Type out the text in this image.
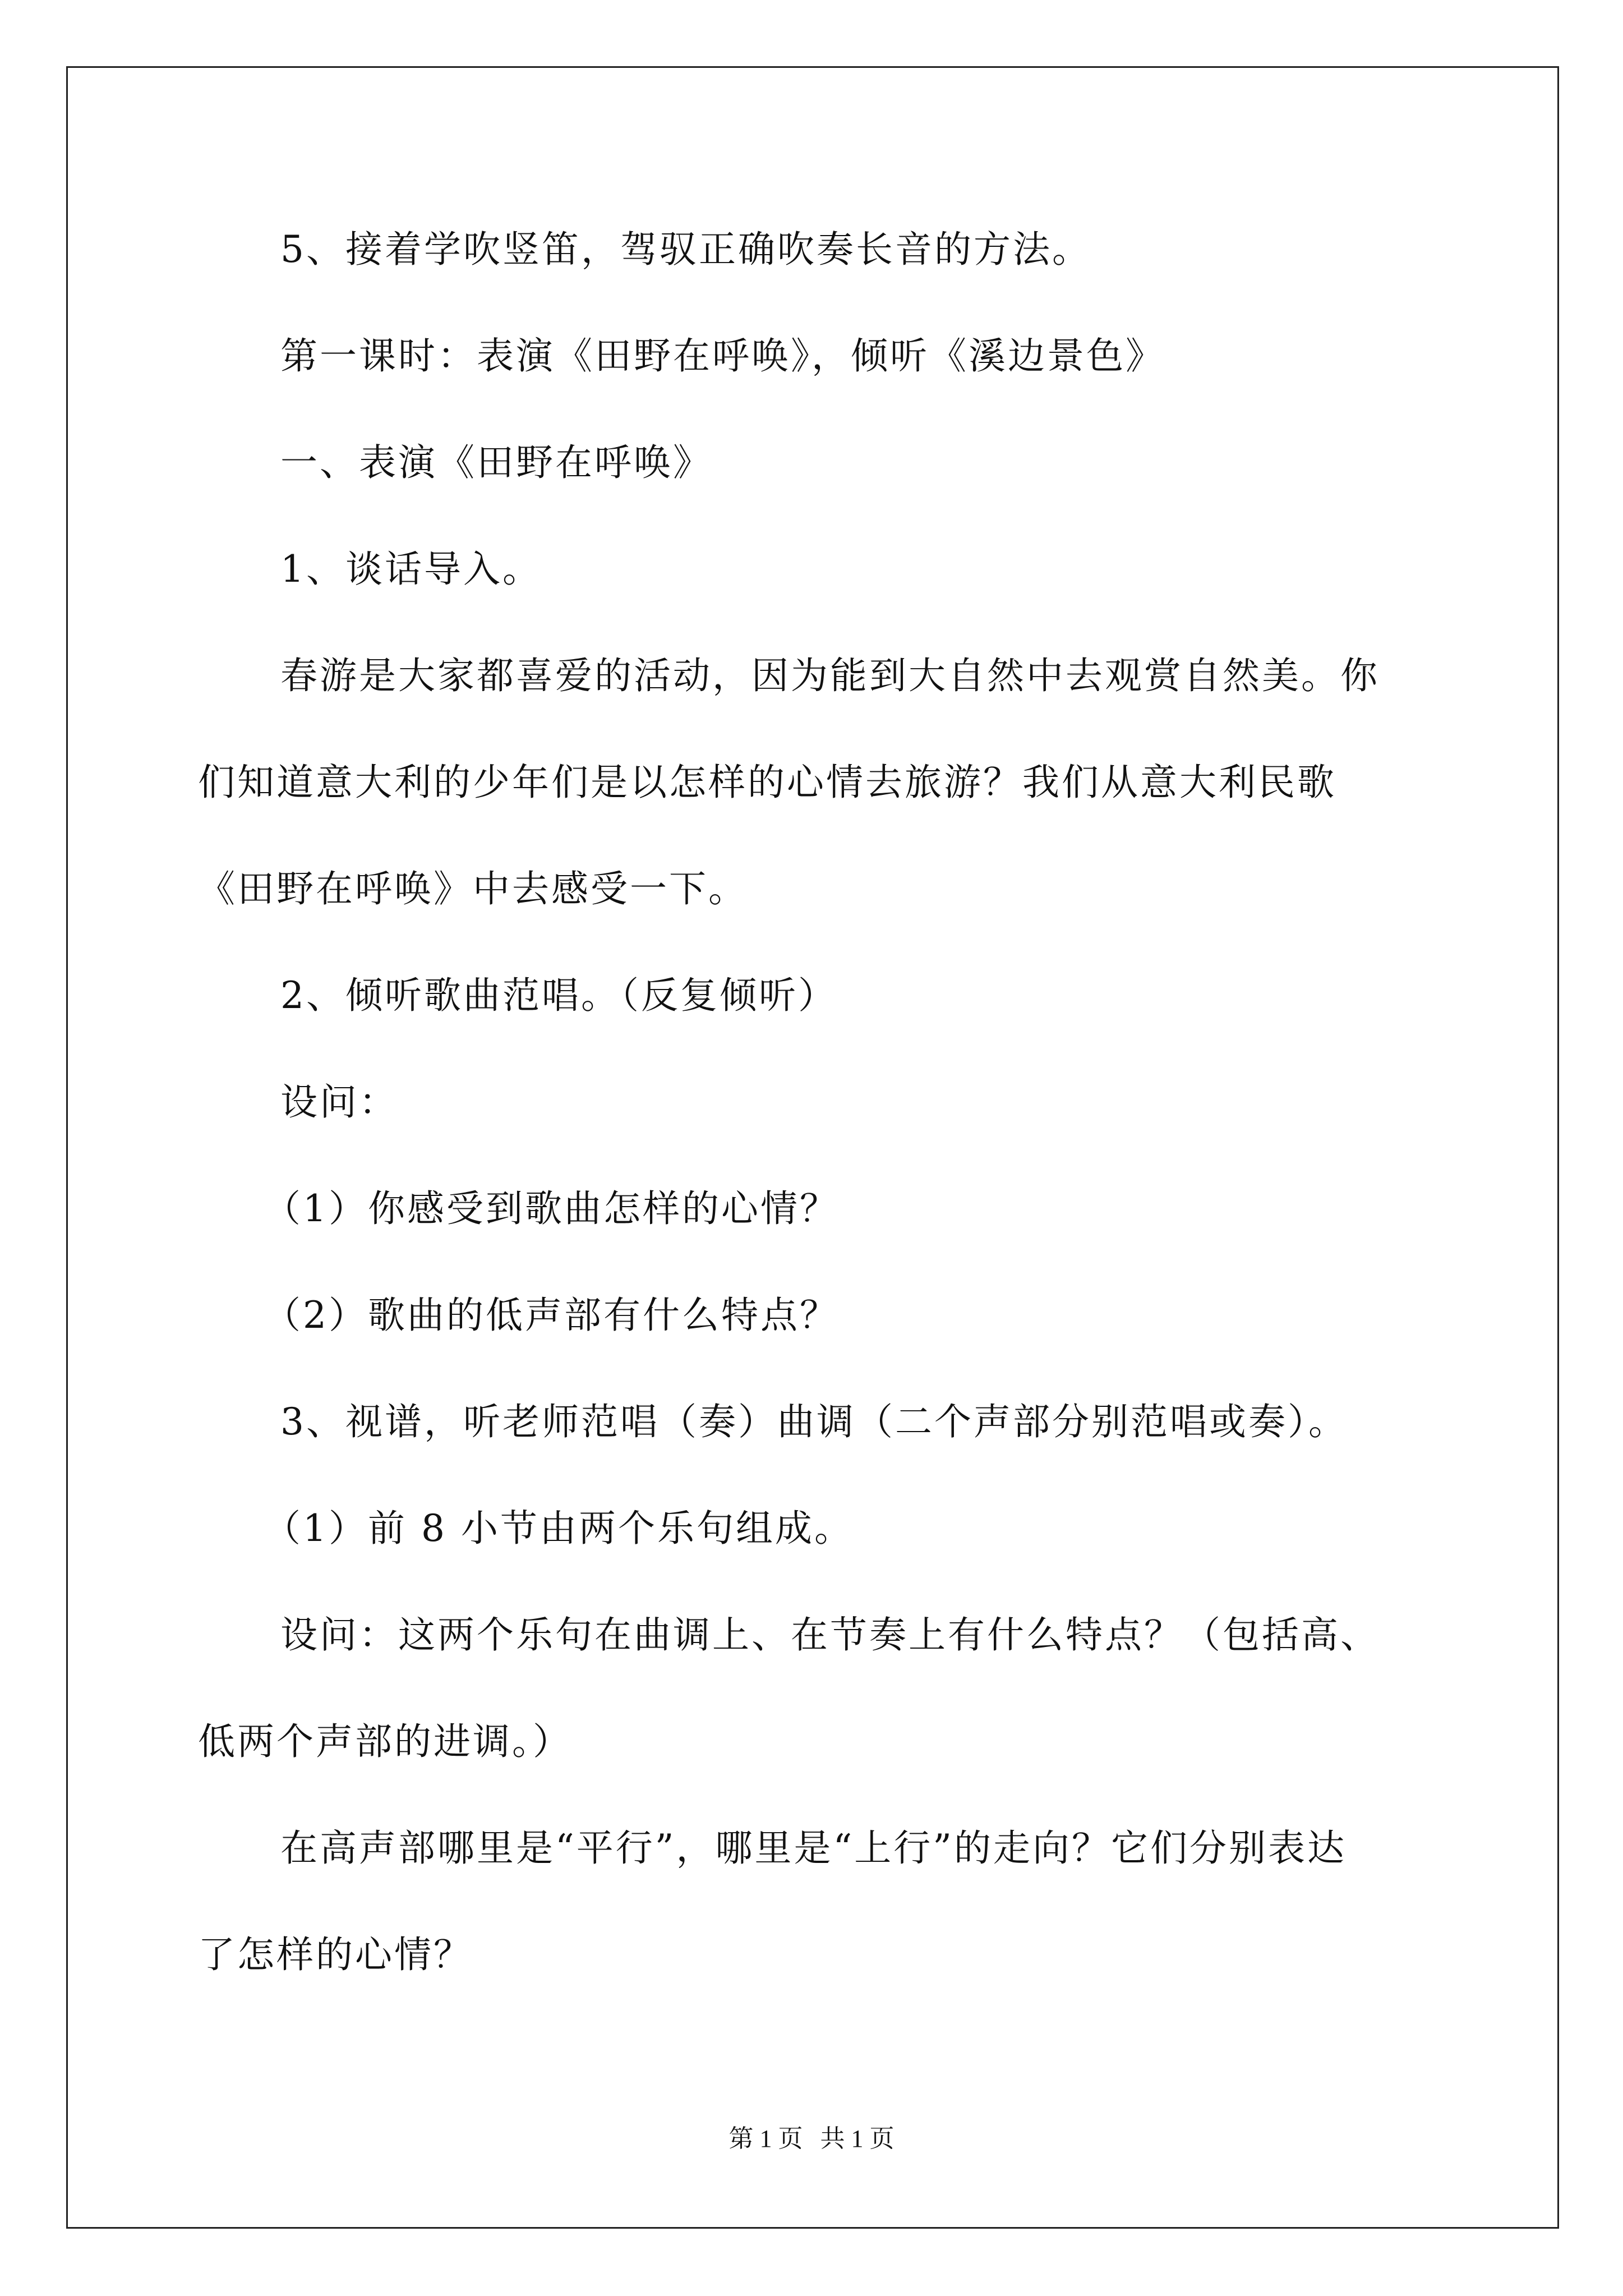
5、接着学吹竖笛，驾驭正确吹奏长音的方法。
第一课时：表演《田野在呼唤》，倾听《溪边景色》
一、表演《田野在呼唤》
1、谈话导入。
春游是大家都喜爱的活动，因为能到大自然中去观赏自然美。你
们知道意大利的少年们是以怎样的心情去旅游？我们从意大利民歌
《田野在呼唤》中去感受一下。
2、倾听歌曲范唱。（反复倾听）
设问：
（1）你感受到歌曲怎样的心情？
（2）歌曲的低声部有什么特点？
3、视谱，听老师范唱（奏）曲调（二个声部分别范唱或奏）。
（1）前 8 小节由两个乐句组成。
设问：这两个乐句在曲调上、在节奏上有什么特点？（包括高、
低两个声部的进调。）
在高声部哪里是“平行”，哪里是“上行”的走向？它们分别表达
了怎样的心情？
第 1 页 共 1 页
